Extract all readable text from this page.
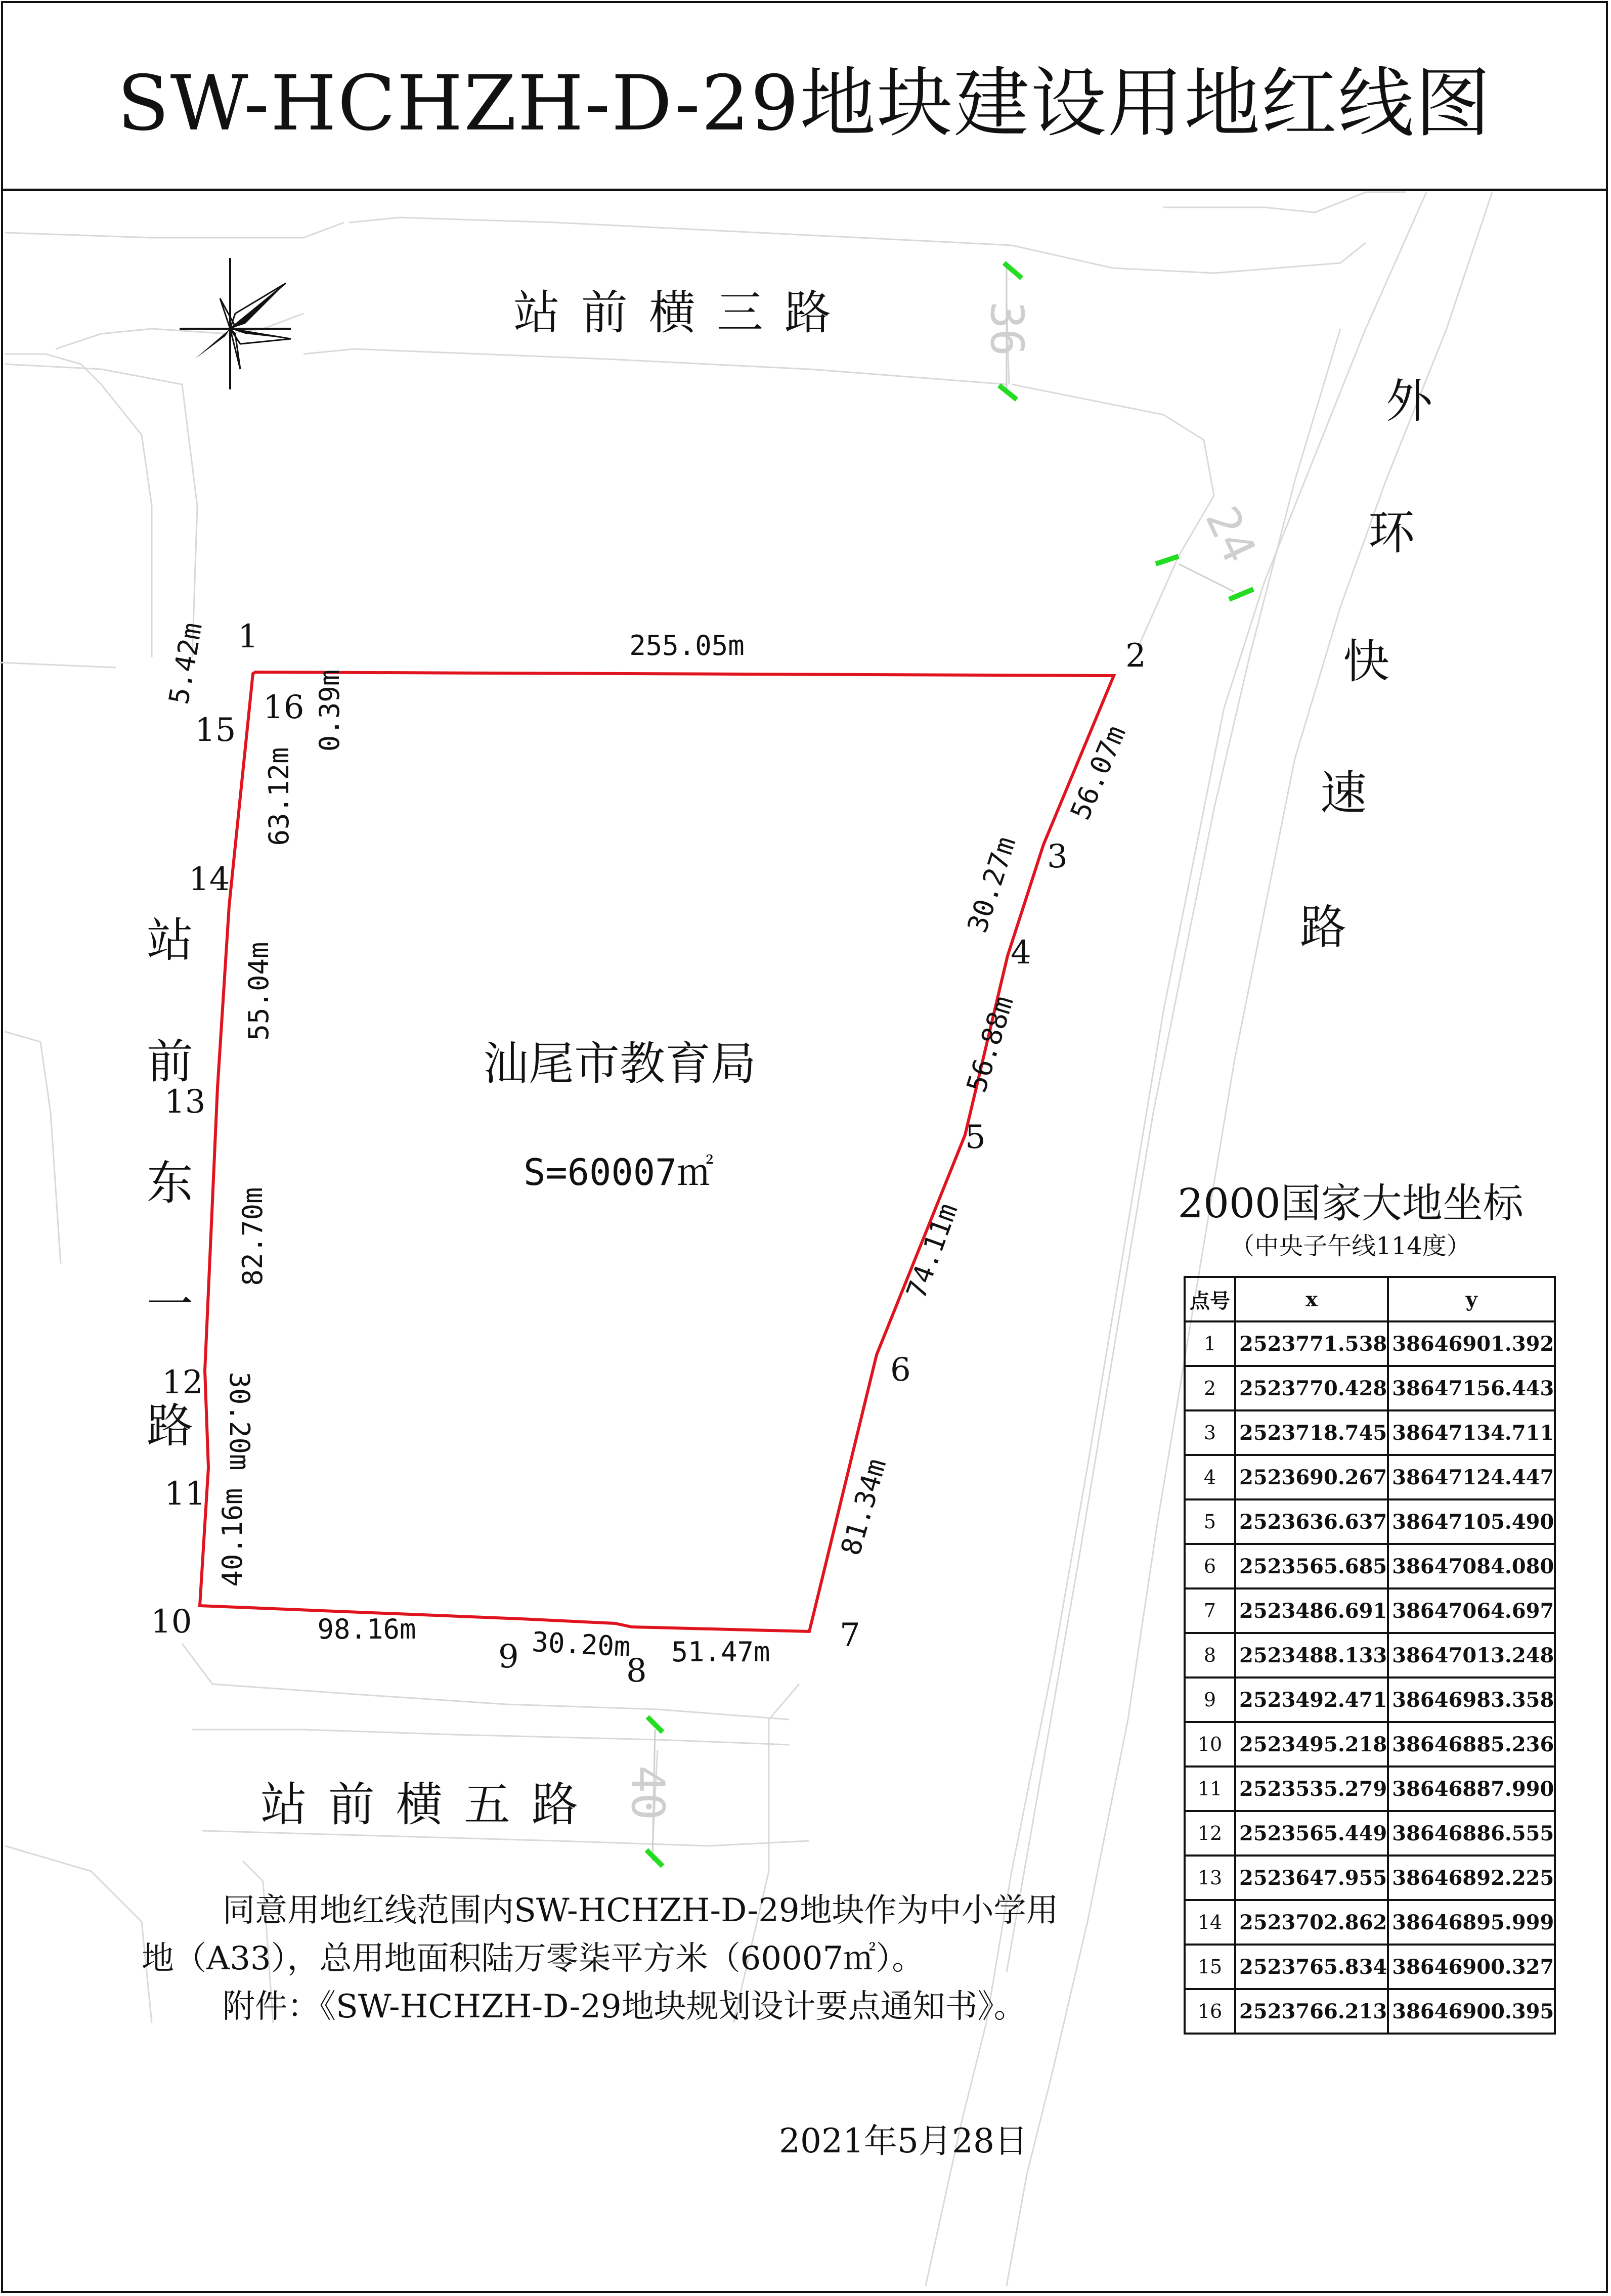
SW-HCHZH-D-29地块建设用地红线图
36
24
40
1
2
3
4
5
6
7
8
9
10
11
12
13
14
15
16
255.05m
56.07m
30.27m
56.88m
74.11m
81.34m
51.47m
30.20m
98.16m
40.16m
30.20m
82.70m
55.04m
63.12m
0.39m
5.42m
站前横三路
站前横五路
站
前
东
一
路
汕尾市教育局
S=60007㎡
2000国家大地坐标
（中央子午线114度）
点号	x	y
1	2523771.538	38646901.392
2	2523770.428	38647156.443
3	2523718.745	38647134.711
4	2523690.267	38647124.447
5	2523636.637	38647105.490
6	2523565.685	38647084.080
7	2523486.691	38647064.697
8	2523488.133	38647013.248
9	2523492.471	38646983.358
10	2523495.218	38646885.236
11	2523535.279	38646887.990
12	2523565.449	38646886.555
13	2523647.955	38646892.225
14	2523702.862	38646895.999
15	2523765.834	38646900.327
16	2523766.213	38646900.395
同意用地红线范围内SW-HCHZH-D-29地块作为中小学用
地（A33），总用地面积陆万零柒平方米（60007㎡）。
附件：《SW-HCHZH-D-29地块规划设计要点通知书》。
2021年5月28日
外
环
快
速
路
